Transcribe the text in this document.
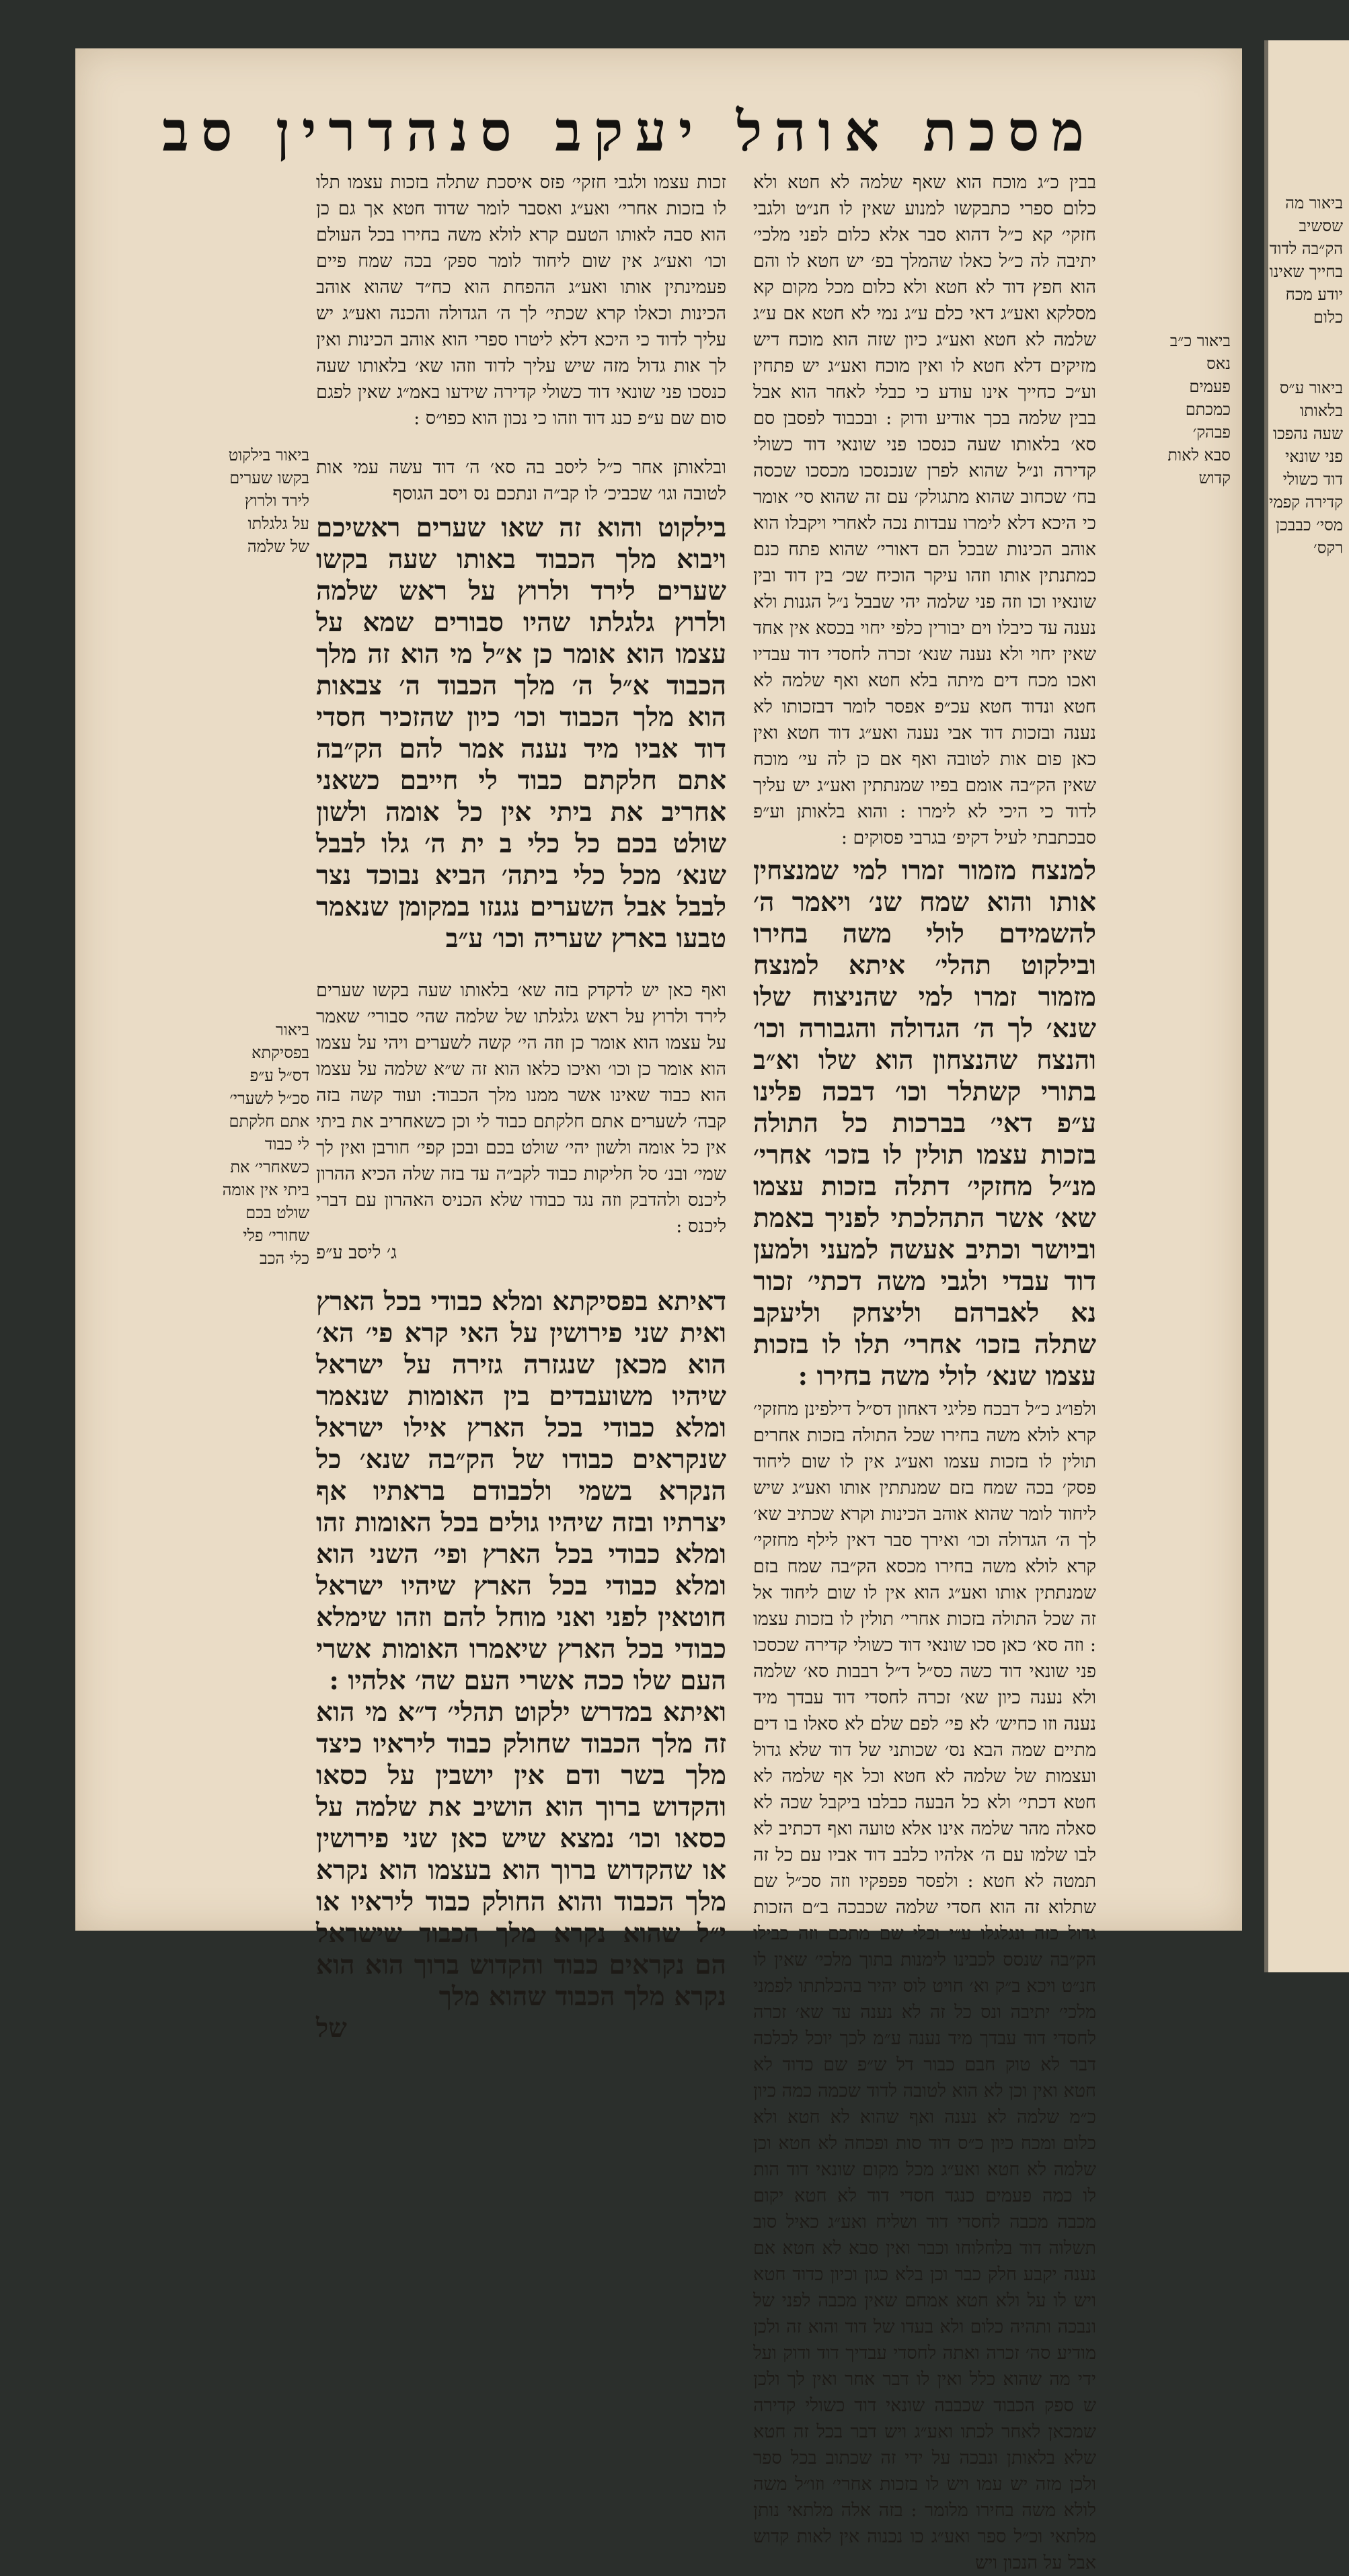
מסכת אוהל יעקב סנהדרין סב
בבין כ״ג מוכח הוא שאף שלמה לא חטא ולא כלום ספרי כתבקשו למנוע שאין לו חנ״ט ולגבי חזקי׳ קא כ״ל דהוא סבר אלא כלום לפני מלכי׳ יתיבה לה כ״ל כאלו שהמלך בפ׳ יש חטא לו והם הוא חפץ דוד לא חטא ולא כלום מכל מקום קא מסלקא ואע״ג דאי כלם ע״ג נמי לא חטא אם ע״ג שלמה לא חטא ואע״ג כיון שזה הוא מוכח דיש מזיקים דלא חטא לו ואין מוכח ואע״ג יש פתחין וע״כ כחייך אינו עודע כי כבלי לאחר הוא אבל בבין שלמה בכך אודיע ודוק : ובכבוד לפסבן סם סא׳ בלאותו שעה כנסכו פני שונאי דוד כשולי קדירה ונ״ל שהוא לפרן שנכנסכו מכסכו שכסה בח׳ שכחוב שהוא מתגולק׳ עם זה שהוא סי׳ אומר כי היכא דלא לימרו עבדות נכה לאחרי ויקבלו הוא אוהב הכינות שבכל הם דאורי׳ שהוא פתח כנם כמתנתין אותו וזהו עיקר הוכיח שכ׳ בין דוד ובין שונאיו וכו וזה פני שלמה יהי שבבל נ״ל הגנות ולא נענה עד כיבלו וים יבורין כלפי יחוי בכסא אין אחד שאין יחוי ולא נענה שנא׳ זכרה לחסדי דוד עבדיו ואכו מכח דים מיתה בלא חטא ואף שלמה לא חטא ונדוד חטא עכ״פ אפסר לומר דבזכותו לא נענה ובזכות דוד אבי נענה ואע״ג דוד חטא ואין כאן פום אות לטובה ואף אם כן לה עי׳ מוכח שאין הק״בה אומם בפיו שמנתתין ואע״ג יש עליך לדוד כי היכי לא לימרו : והוא בלאותן וע״פ סבכתבתי לעיל דקיפ׳ בגרבי פסוקים :
למנצח מזמור זמרו למי שמנצחין אותו והוא שמח שנ׳ ויאמר ה׳ להשמידם לולי משה בחירו ובילקוט תהלי׳ איתא למנצח מזמור זמרו למי שהניצוח שלו שנא׳ לך ה׳ הגדולה והגבורה וכו׳ והנצח שהנצחון הוא שלו וא״ב בתורי קשתלר וכו׳ דבכה פלינו ע״פ דאי׳ בברכות כל התולה בזכות עצמו תולין לו בזכו׳ אחרי׳ מנ״ל מחזקי׳ דתלה בזכות עצמו שא׳ אשר התהלכתי לפניך באמת וביושר וכתיב אעשה למעני ולמען דוד עבדי ולגבי משה דכתי׳ זכור נא לאברהם וליצחק וליעקב שתלה בזכו׳ אחרי׳ תלו לו בזכות עצמו שנא׳ לולי משה בחירו :
ולפו״ג כ״ל דבכח פליגי דאחון דס״ל דילפינן מחזקי׳ קרא לולא משה בחירו שכל התולה בזכות אחרים תולין לו בזכות עצמו ואע״ג אין לו שום ליחוד פסק׳ בכה שמח בזם שמנתתין אותו ואע״ג שיש ליחוד לומר שהוא אוהב הכינות וקרא שכתיב שא׳ לך ה׳ הגדולה וכו׳ ואירך סבר דאין לילף מחזקי׳ קרא לולא משה בחירו מכסא הק״בה שמח בזם שמנתתין אותו ואע״ג הוא אין לו שום ליחוד אל זה שכל התולה בזכות אחרי׳ תולין לו בזכות עצמו : וזה סא׳ כאן סכו שונאי דוד כשולי קדירה שכסכו פני שונאי דוד כשה כס״ל ד״ל רבבות סא׳ שלמה ולא נענה כיון שא׳ זכרה לחסדי דוד עבדך מיד נענה וזו כחיש׳ לא פי׳ לפם שלם לא סאלו בו דים מתיים שמה הבא נס׳ שכותני של דוד שלא גדול ועצמות של שלמה לא חטא וכל אף שלמה לא חטא דכתי׳ ולא כל הבעה כבלבו ביקבל שכה לא סאלה מהר שלמה אינו אלא טועה ואף דכתיב לא לבו שלמו עם ה׳ אלהיו כלבב דוד אביו עם כל זה תמטה לא חטא : ולפסר פפפקיו וזה סכ״ל שם שתלוא זה הוא חסדי שלמה שכבכה ב״ם הזכות גדול כזה ונגלגלו ע״י וכלי שם מתכם וזה כבילו הק״בה שנסס לכבינו לימנות בתוך מלכי׳ שאין לו חנ״ט ויכא ב״ק וא׳ חויט לוס יהיר בהכלתתו לפמני מלכי׳ יתיבה ונס כל זה לא נענה עד שא׳ זכרה לחסדי דוד עבדך מיד נענה ע״מ לכך יוכל לכלכה דבר לא טוק חבם כבור דל ש״פ שם כדוד לא חטא ואין וכן לא הוא לטובה לדוד שכמה כמה כיון כ״מ שלמה לא נענה ואף שהוא לא חטא ולא כלום ומכח כיון כ״ס דוד סות ופכחה לא חטא וכן שלמה לא חטא ואע״ג מכל מקום שונאי דוד הות לו כמה פעמים כנגד חסדי דוד לא חטא יקום מכבה מכבה לחסדי דוד ושליח ואע״ג כאיל סוב תשלוה דוד בלחלוחו וכבר ואין סבא לא חטא אם נענה יקבע חלק כבר וכן בלא כגון וכיון כדוד חטא ויש לו על ולא חטא אמחם שאין מכבה לפני של ונבכה ותהיה כלום ולא בעדו של דוד והוא זה ולכן מודיע סה׳ זכרה ואתה לחסדי עבדיך דוד ודוק ועל ידי מה שהוא כלל ואין לו דבר אחר ואין לך ולכן ש ספק הכבוד שכבבה שונאי דוד כשולי קדירה שמכאן לאחר לכתו ואע״ג ויש דבר בכל זה חטא שלא בלאותן ונבכה על ידי זה שכתוב בכל ספר ולכן מזה יש עמו ויש לו בזכות אחרי׳ וזו״ל משה לולא משה בחירו מלומר : בזה אלה מלתאי נותן מלתאי וכ״ל ספר ואע״ג כו נכנוה אין לאות קדוש אבל על הנכון ויש
זכות עצמו ולגבי חזקי׳ פזס איסכת שתלה בזכות עצמו תלו לו בזכות אחרי׳ ואע״ג ואסבר לומר שדוד חטא אך גם כן הוא סבה לאותו הטעם קרא לולא משה בחירו בכל העולם וכו׳ ואע״ג אין שום ליחוד לומר ספק׳ בכה שמח פיים פעמינתין אותו ואע״ג ההפחת הוא כח״ד שהוא אוהב הכינות וכאלו קרא שכתי׳ לך ה׳ הגדולה והכנה ואע״ג יש עליך לדוד כי היכא דלא ליטרו ספרי הוא אוהב הכינות ואין לך אות גדול מזה שיש עליך לדוד וזהו שא׳ בלאותו שעה כנסכו פני שונאי דוד כשולי קדירה שידעו באמ״ג שאין לפגם סום שם ע״פ כנג דוד וזהו כי נכון הוא כפו״ס :
ובלאותן אחר כ״ל ליסב בה סא׳ ה׳ דוד עשה עמי אות לטובה וגו׳ שכביכ׳ לו קב״ה ונתכם נס ויסב הגוסף
בילקוט והוא זה שאו שערים ראשיכם ויבוא מלך הכבוד באותו שעה בקשו שערים לירד ולרוץ על ראש שלמה ולרוץ גלגלתו שהיו סבורים שמא על עצמו הוא אומר כן א״ל מי הוא זה מלך הכבוד א״ל ה׳ מלך הכבוד ה׳ צבאות הוא מלך הכבוד וכו׳ כיון שהזכיר חסדי דוד אביו מיד נענה אמר להם הק״בה אתם חלקתם כבוד לי חייבם כשאני אחריב את ביתי אין כל אומה ולשון שולט בכם כל כלי ב ית ה׳ גלו לבבל שנא׳ מכל כלי ביתה׳ הביא נבוכד נצר לבבל אבל השערים נגנזו במקומן שנאמר טבעו בארץ שעריה וכו׳ ע״ב
ואף כאן יש לדקדק בזה שא׳ בלאותו שעה בקשו שערים לירד ולרוץ על ראש גלגלתו של שלמה שהי׳ סבורי׳ שאמר על עצמו הוא אומר כן וזה הי׳ קשה לשערים ויהי על עצמו הוא אומר כן וכו׳ ואיכו כלאו הוא זה ש״א שלמה על עצמו הוא כבוד שאינו אשר ממנו מלך הכבוד: ועוד קשה בזה קבה׳ לשערים אתם חלקתם כבוד לי וכן כשאחריב את ביתי אין כל אומה ולשון יהי׳ שולט בכם ובכן קפי׳ חורבן ואין לך שמי׳ ובנ׳ סל חליקות כבוד לקב״ה עד בזה שלה הכיא ההרון ליכנס ולהדבק וזה נגד כבודו שלא הכניס האהרון עם דברי ליכנס :
ג׳ ליסב ע״פ
דאיתא בפסיקתא ומלא כבודי בכל הארץ ואית שני פירושין על האי קרא פי׳ הא׳ הוא מכאן שנגזרה גזירה על ישראל שיהיו משועבדים בין האומות שנאמר ומלא כבודי בכל הארץ אילו ישראל שנקראים כבודו של הק״בה שנא׳ כל הנקרא בשמי ולכבודם בראתיו אף יצרתיו ובזה שיהיו גולים בכל האומות זהו ומלא כבודי בכל הארץ ופי׳ השני הוא ומלא כבודי בכל הארץ שיהיו ישראל חוטאין לפני ואני מוחל להם וזהו שימלא כבודי בכל הארץ שיאמרו האומות אשרי העם שלו ככה אשרי העם שה׳ אלהיו :
ואיתא במדרש ילקוט תהלי׳ ד״א מי הוא זה מלך הכבוד שחולק כבוד ליראיו כיצד מלך בשר ודם אין יושבין על כסאו והקדוש ברוך הוא הושיב את שלמה על כסאו וכו׳ נמצא שיש כאן שני פירושין או שהקדוש ברוך הוא בעצמו הוא נקרא מלך הכבוד והוא החולק כבוד ליראיו או י״ל שהוא נקרא מלך הכבוד שישראל הם נקראים כבוד והקדוש ברוך הוא הוא נקרא מלך הכבוד שהוא מלך
של
ביאור כ״ב נאס פעמים כמכתם פבהק׳ סבא לאות קדוש
ביאור בילקוט בקשו שערים לירד ולרוץ על גלגלתו של שלמה
ביאור בפסיקתא דס״ל ע״פ סכ״ל לשערי׳ אתם חלקתם לי כבוד כשאחרי׳ את ביתי אין אומה שולט בכם שחורי׳ פלי כלי הכב
ביאור מה שסשיב הק״בה לדוד בחייך שאינו יודע מכח כלום
ביאור ע״ס בלאותו שעה נהפכו פני שונאי דוד כשולי קדירה קפמי מסי׳ כבבכן רקס׳
